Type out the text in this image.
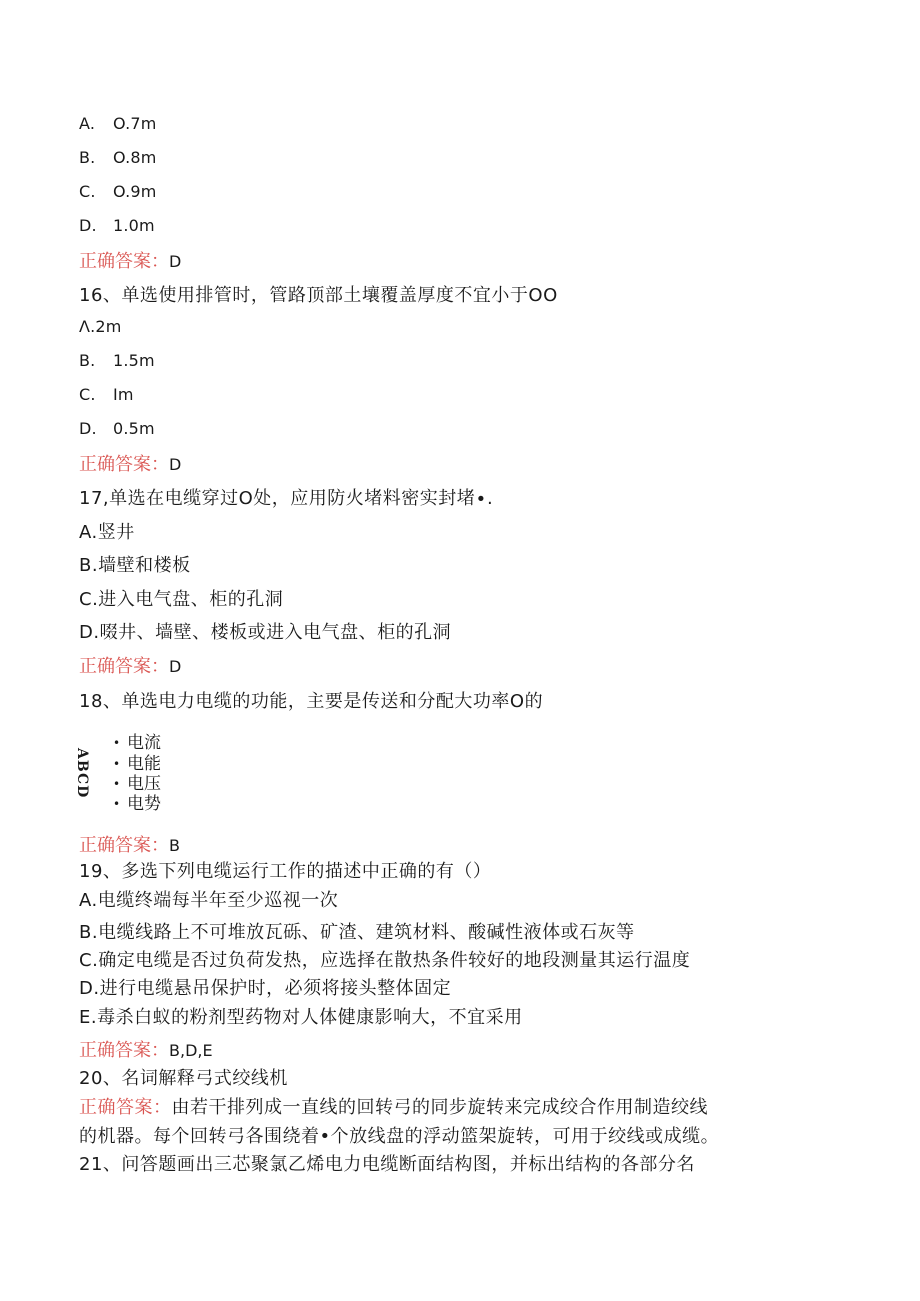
A. O.7m
B. O.8m
C. O.9m
D. 1.0m
正确答案：D
16、单选使用排管时，管路顶部土壤覆盖厚度不宜小于OO
Λ.2m
B. 1.5m
C. Im
D. 0.5m
正确答案：D
17,单选在电缆穿过O处，应用防火堵料密实封堵∙.
A.竖井
B.墙壁和楼板
C.进入电气盘、柜的孔洞
D.啜井、墙壁、楼板或进入电气盘、柜的孔洞
正确答案：D
18、单选电力电缆的功能，主要是传送和分配大功率O的
ABCD
• 电流
• 电能
• 电压
• 电势
正确答案：B
19、多选下列电缆运行工作的描述中正确的有（）
A.电缆终端每半年至少巡视一次
B.电缆线路上不可堆放瓦砾、矿渣、建筑材料、酸碱性液体或石灰等
C.确定电缆是否过负荷发热，应选择在散热条件较好的地段测量其运行温度
D.进行电缆悬吊保护时，必须将接头整体固定
E.毒杀白蚁的粉剂型药物对人体健康影响大，不宜采用
正确答案：B,D,E
20、名词解释弓式绞线机
正确答案：由若干排列成一直线的回转弓的同步旋转来完成绞合作用制造绞线
的机器。每个回转弓各围绕着•个放线盘的浮动篮架旋转，可用于绞线或成缆。
21、问答题画出三芯聚氯乙烯电力电缆断面结构图，并标出结构的各部分名
